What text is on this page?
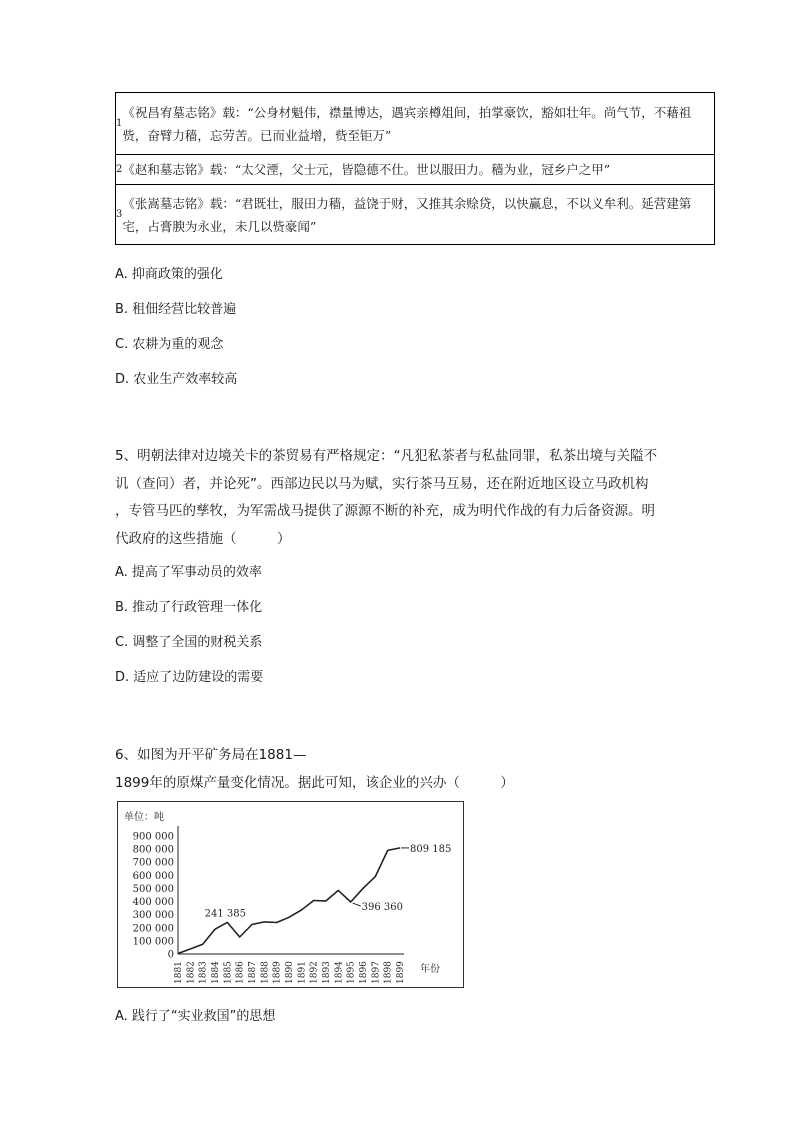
1	《祝昌宥墓志铭》载：“公身材魁伟，襟量博达，遇宾亲樽俎间，拍掌豪饮，豁如壮年。尚气节，不藉祖赀，奋臂力穑，忘劳苦。已而业益增，赀至钜万”
2	《赵和墓志铭》载：“太父湮，父士元，皆隐德不仕。世以服田力。穑为业，冠乡户之甲”
3	《张嵩墓志铭》载：“君既壮，服田力穑，益饶于财，又推其余赊贷，以快赢息，不以义牟利。延营建第宅，占膏腴为永业，未几以赀豪闻”
A. 抑商政策的强化
B. 租佃经营比较普遍
C. 农耕为重的观念
D. 农业生产效率较高
5、明朝法律对边境关卡的茶贸易有严格规定：“凡犯私茶者与私盐同罪，私茶出境与关隘不
讥（查问）者，并论死”。西部边民以马为赋，实行茶马互易，还在附近地区设立马政机构
，专管马匹的孳牧，为军需战马提供了源源不断的补充，成为明代作战的有力后备资源。明
代政府的这些措施（　　　）
A. 提高了军事动员的效率
B. 推动了行政管理一体化
C. 调整了全国的财税关系
D. 适应了边防建设的需要
6、如图为开平矿务局在1881—
1899年的原煤产量变化情况。据此可知，该企业的兴办（　　　）
单位：吨
900 000
800 000
700 000
600 000
500 000
400 000
300 000
200 000
100 000
0
1881 1882 1883 1884 1885 1886 1887 1888 1889 1890 1891 1892 1893 1894 1895 1896 1897 1898 1899 年份
241 385
396 360
809 185
A. 践行了“实业救国”的思想
